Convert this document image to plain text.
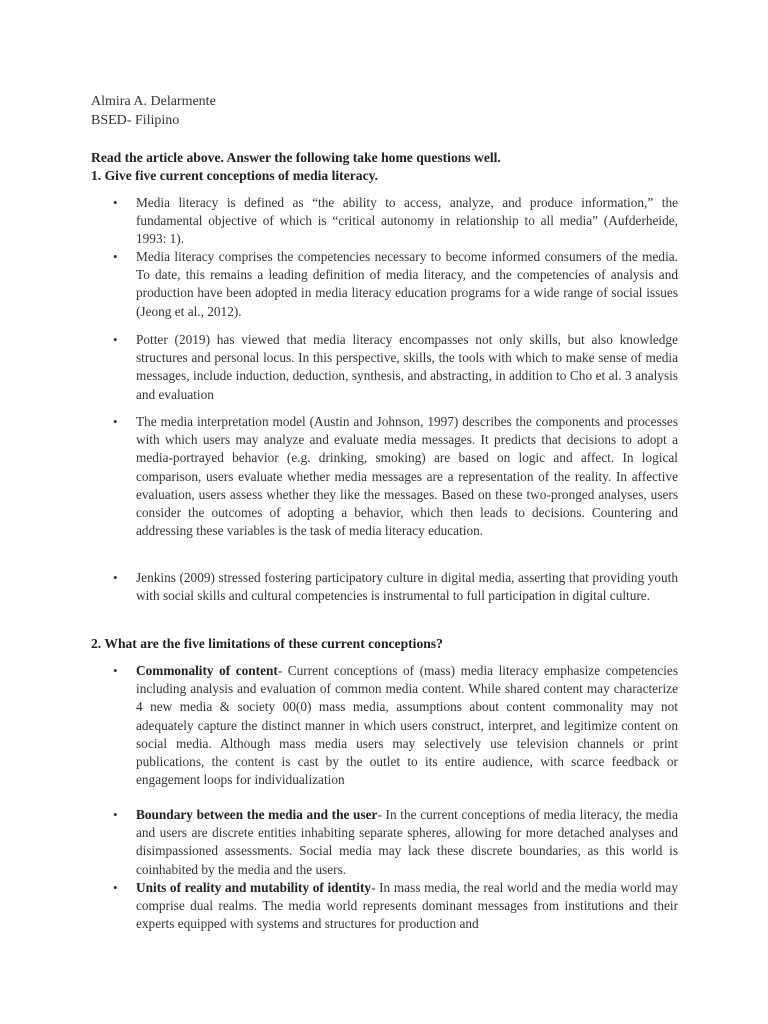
Almira A. Delarmente
BSED- Filipino
Read the article above. Answer the following take home questions well.
1. Give five current conceptions of media literacy.
• Media literacy is defined as “the ability to access, analyze, and produce information,” the fundamental objective of which is “critical autonomy in relationship to all media” (Aufderheide, 1993: 1).
• Media literacy comprises the competencies necessary to become informed consumers of the media. To date, this remains a leading definition of media literacy, and the competencies of analysis and production have been adopted in media literacy education programs for a wide range of social issues (Jeong et al., 2012).
• Potter (2019) has viewed that media literacy encompasses not only skills, but also knowledge structures and personal locus. In this perspective, skills, the tools with which to make sense of media messages, include induction, deduction, synthesis, and abstracting, in addition to Cho et al. 3 analysis and evaluation
• The media interpretation model (Austin and Johnson, 1997) describes the components and processes with which users may analyze and evaluate media messages. It predicts that decisions to adopt a media-portrayed behavior (e.g. drinking, smoking) are based on logic and affect. In logical comparison, users evaluate whether media messages are a representation of the reality. In affective evaluation, users assess whether they like the messages. Based on these two-pronged analyses, users consider the outcomes of adopting a behavior, which then leads to decisions. Countering and addressing these variables is the task of media literacy education.
• Jenkins (2009) stressed fostering participatory culture in digital media, asserting that providing youth with social skills and cultural competencies is instrumental to full participation in digital culture.
2. What are the five limitations of these current conceptions?
• Commonality of content- Current conceptions of (mass) media literacy emphasize competencies including analysis and evaluation of common media content. While shared content may characterize 4 new media & society 00(0) mass media, assumptions about content commonality may not adequately capture the distinct manner in which users construct, interpret, and legitimize content on social media. Although mass media users may selectively use television channels or print publications, the content is cast by the outlet to its entire audience, with scarce feedback or engagement loops for individualization
• Boundary between the media and the user- In the current conceptions of media literacy, the media and users are discrete entities inhabiting separate spheres, allowing for more detached analyses and disimpassioned assessments. Social media may lack these discrete boundaries, as this world is coinhabited by the media and the users.
• Units of reality and mutability of identity- In mass media, the real world and the media world may comprise dual realms. The media world represents dominant messages from institutions and their experts equipped with systems and structures for production and
